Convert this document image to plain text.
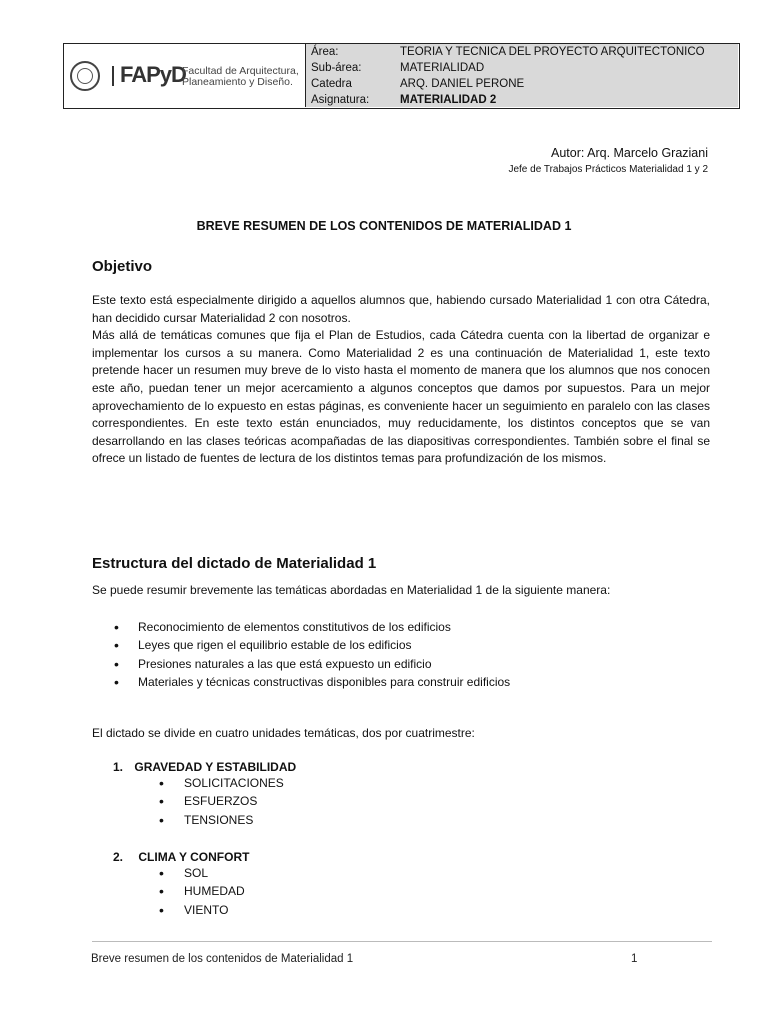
FAPyD
Facultad de Arquitectura,
Planeamiento y Diseño.
Área:	TEORIA Y TECNICA DEL PROYECTO ARQUITECTONICO
Sub-área:	MATERIALIDAD
Catedra	ARQ. DANIEL PERONE
Asignatura:	MATERIALIDAD 2
Autor: Arq. Marcelo Graziani
Jefe de Trabajos Prácticos Materialidad 1 y 2
BREVE RESUMEN DE LOS CONTENIDOS DE MATERIALIDAD 1
Objetivo

Este texto está especialmente dirigido a aquellos alumnos que, habiendo cursado Materialidad 1 con otra Cátedra, han decidido cursar Materialidad 2 con nosotros.

Más allá de temáticas comunes que fija el Plan de Estudios, cada Cátedra cuenta con la libertad de organizar e implementar los cursos a su manera. Como Materialidad 2 es una continuación de Materialidad 1, este texto pretende hacer un resumen muy breve de lo visto hasta el momento de manera que los alumnos que nos conocen este año, puedan tener un mejor acercamiento a algunos conceptos que damos por supuestos. Para un mejor aprovechamiento de lo expuesto en estas páginas, es conveniente hacer un seguimiento en paralelo con las clases correspondientes. En este texto están enunciados, muy reducidamente, los distintos conceptos que se van desarrollando en las clases teóricas acompañadas de las diapositivas correspondientes. También sobre el final se ofrece un listado de fuentes de lectura de los distintos temas para profundización de los mismos.

Estructura del dictado de Materialidad 1
Se puede resumir brevemente las temáticas abordadas en Materialidad 1 de la siguiente manera:
• Reconocimiento de elementos constitutivos de los edificios
• Leyes que rigen el equilibrio estable de los edificios
• Presiones naturales a las que está expuesto un edificio
• Materiales y técnicas constructivas disponibles para construir edificios
El dictado se divide en cuatro unidades temáticas, dos por cuatrimestre:
1. GRAVEDAD Y ESTABILIDAD
• SOLICITACIONES
• ESFUERZOS
• TENSIONES
2. CLIMA Y CONFORT
• SOL
• HUMEDAD
• VIENTO
Breve resumen de los contenidos de Materialidad 1	1
